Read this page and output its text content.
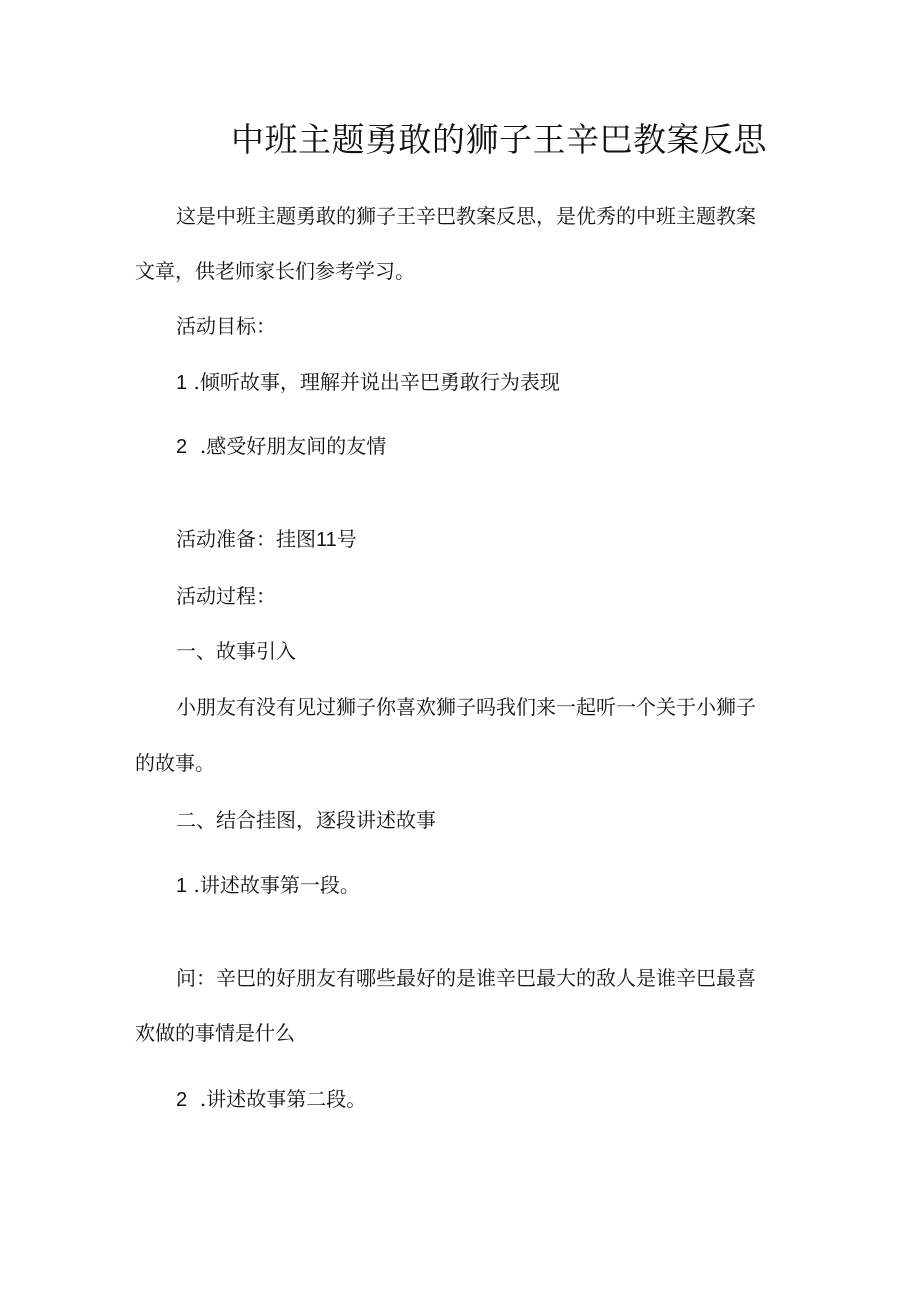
中班主题勇敢的狮子王辛巴教案反思
这是中班主题勇敢的狮子王辛巴教案反思，是优秀的中班主题教案
文章，供老师家长们参考学习。
活动目标：
1 .倾听故事，理解并说出辛巴勇敢行为表现
2 .感受好朋友间的友情
活动准备：挂图11号
活动过程：
一、故事引入
小朋友有没有见过狮子你喜欢狮子吗我们来一起听一个关于小狮子
的故事。
二、结合挂图，逐段讲述故事
1 .讲述故事第一段。
问：辛巴的好朋友有哪些最好的是谁辛巴最大的敌人是谁辛巴最喜
欢做的事情是什么
2 .讲述故事第二段。
